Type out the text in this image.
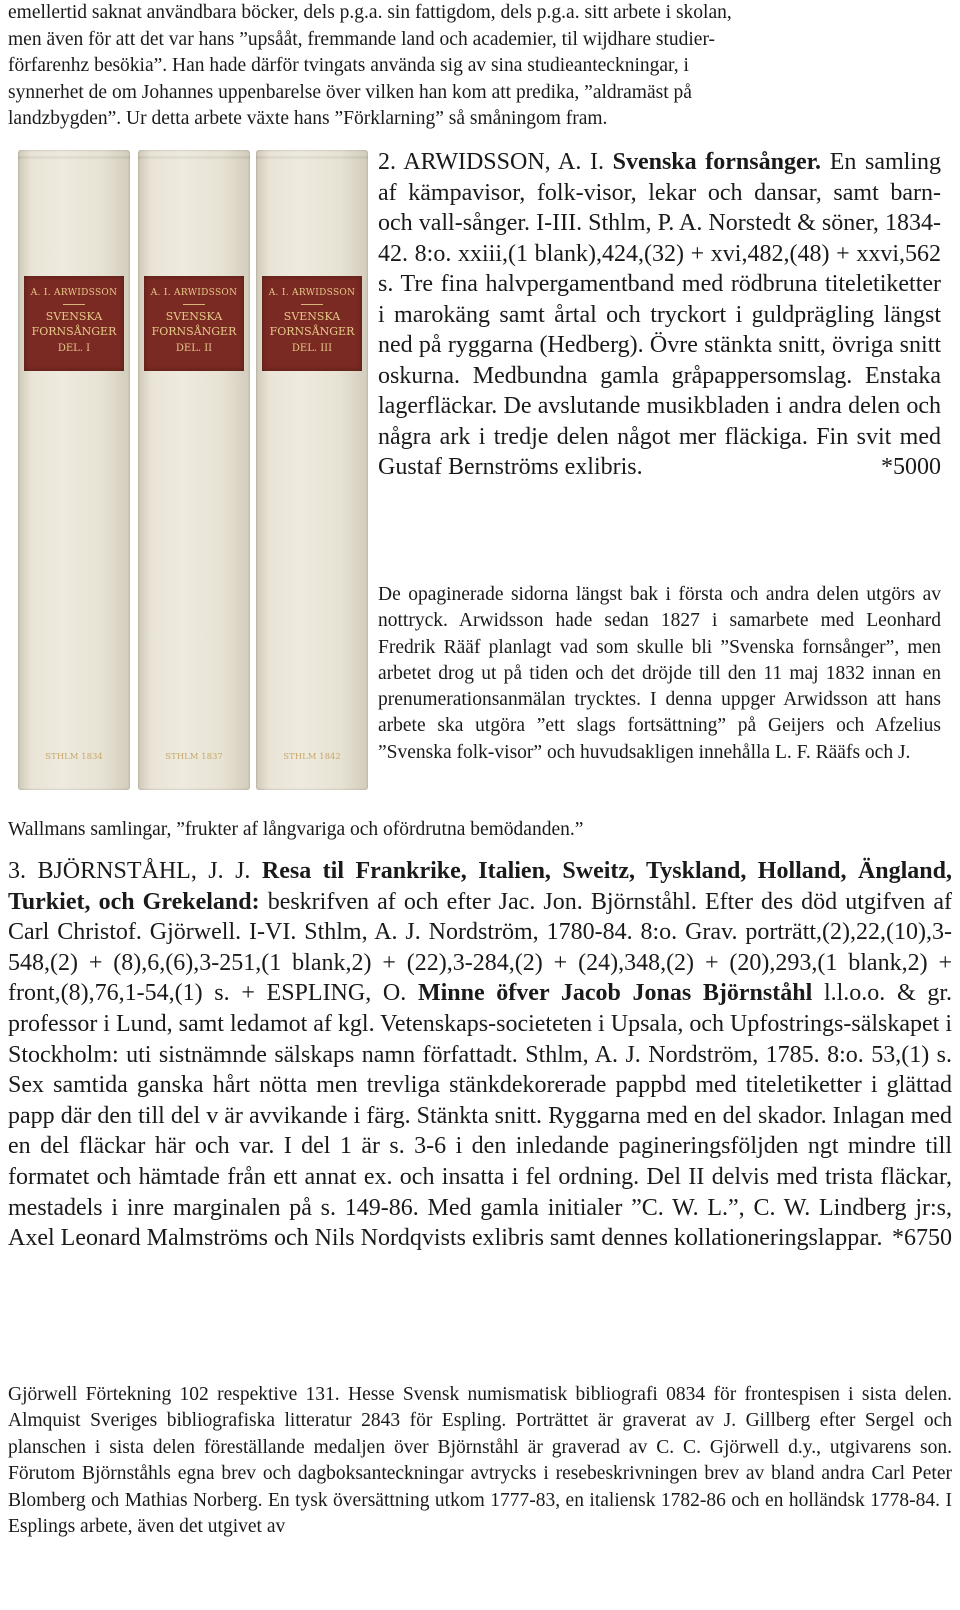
emellertid saknat användbara böcker, dels p.g.a. sin fattigdom, dels p.g.a. sitt arbete i skolan,
men även för att det var hans ”upsååt, fremmande land och academier, til wijdhare studier-
förfarenhz besökia”. Han hade därför tvingats använda sig av sina studieanteckningar, i
synnerhet de om Johannes uppenbarelse över vilken han kom att predika, ”aldramäst på
landzbygden”. Ur detta arbete växte hans ”Förklarning” så småningom fram.

A. I. ARWIDSSON
SVENSKA
FORNSÅNGER
DEL. I
STHLM 1834
A. I. ARWIDSSON
SVENSKA
FORNSÅNGER
DEL. II
STHLM 1837
A. I. ARWIDSSON
SVENSKA
FORNSÅNGER
DEL. III
STHLM 1842

2. ARWIDSSON, A. I. Svenska fornsånger. En samling af kämpavisor, folk-visor, lekar och dansar, samt barn- och vall-sånger. I-III. Sthlm, P. A. Norstedt & söner, 1834-42. 8:o. xxiii,(1 blank),424,(32) + xvi,482,(48) + xxvi,562 s. Tre fina halvpergamentband med rödbruna titeletiketter i marokäng samt årtal och tryckort i guldprägling längst ned på ryggarna (Hedberg). Övre stänkta snitt, övriga snitt oskurna. Medbundna gamla gråpappersomslag. Enstaka lagerfläckar. De avslutande musikbladen i andra delen och några ark i tredje delen något mer fläckiga. Fin svit med Gustaf Bernströms exlibris.	*5000

De opaginerade sidorna längst bak i första och andra delen utgörs av nottryck. Arwidsson hade sedan 1827 i samarbete med Leonhard Fredrik Rääf planlagt vad som skulle bli ”Svenska fornsånger”, men arbetet drog ut på tiden och det dröjde till den 11 maj 1832 innan en prenumerationsanmälan trycktes. I denna uppger Arwidsson att hans arbete ska utgöra ”ett slags fortsättning” på Geijers och Afzelius ”Svenska folk-visor” och huvudsakligen innehålla L. F. Rääfs och J.

Wallmans samlingar, ”frukter af långvariga och ofördrutna bemödanden.”

3. BJÖRNSTÅHL, J. J. Resa til Frankrike, Italien, Sweitz, Tyskland, Holland, Ängland, Turkiet, och Grekeland: beskrifven af och efter Jac. Jon. Björnståhl. Efter des död utgifven af Carl Christof. Gjörwell. I-VI. Sthlm, A. J. Nordström, 1780-84. 8:o. Grav. porträtt,(2),22,(10),3-548,(2) + (8),6,(6),3-251,(1 blank,2) + (22),3-284,(2) + (24),348,(2) + (20),293,(1 blank,2) + front,(8),76,1-54,(1) s. + ESPLING, O. Minne öfver Jacob Jonas Björnståhl l.l.o.o. & gr. professor i Lund, samt ledamot af kgl. Vetenskaps-societeten i Upsala, och Upfostrings-sälskapet i Stockholm: uti sistnämnde sälskaps namn författadt. Sthlm, A. J. Nordström, 1785. 8:o. 53,(1) s. Sex samtida ganska hårt nötta men trevliga stänkdekorerade pappbd med titeletiketter i glättad papp där den till del v är avvikande i färg. Stänkta snitt. Ryggarna med en del skador. Inlagan med en del fläckar här och var. I del 1 är s. 3-6 i den inledande pagineringsföljden ngt mindre till formatet och hämtade från ett annat ex. och insatta i fel ordning. Del II delvis med trista fläckar, mestadels i inre marginalen på s. 149-86. Med gamla initialer ”C. W. L.”, C. W. Lindberg jr:s, Axel Leonard Malmströms och Nils Nordqvists exlibris samt dennes kollationeringslappar. *6750

Gjörwell Förtekning 102 respektive 131. Hesse Svensk numismatisk bibliografi 0834 för frontespisen i sista delen. Almquist Sveriges bibliografiska litteratur 2843 för Espling. Porträttet är graverat av J. Gillberg efter Sergel och planschen i sista delen föreställande medaljen över Björnståhl är graverad av C. C. Gjörwell d.y., utgivarens son. Förutom Björnståhls egna brev och dagboksanteckningar avtrycks i resebeskrivningen brev av bland andra Carl Peter Blomberg och Mathias Norberg. En tysk översättning utkom 1777-83, en italiensk 1782-86 och en holländsk 1778-84. I Esplings arbete, även det utgivet av
